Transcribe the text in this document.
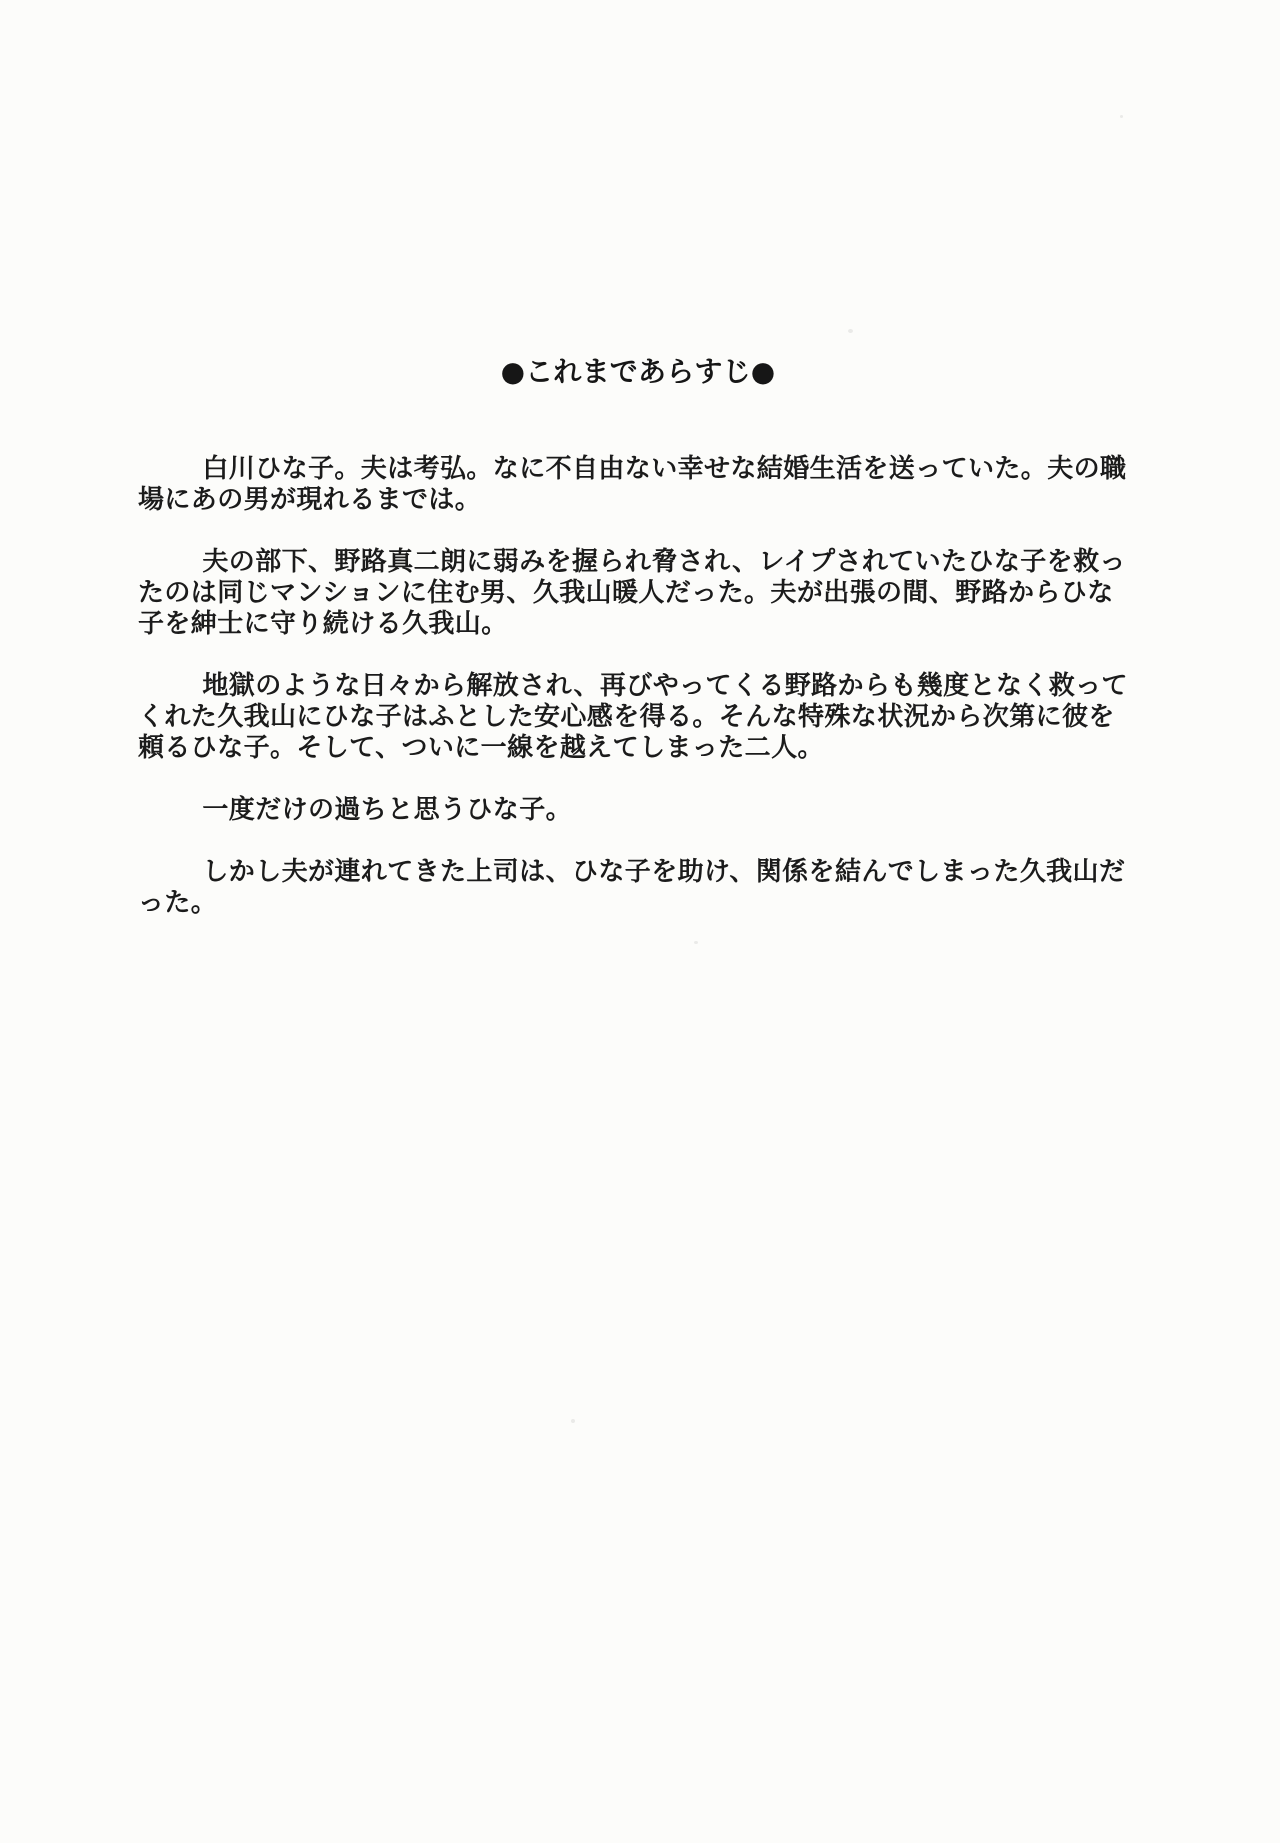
●これまであらすじ●

　白川ひな子。夫は考弘。なに不自由ない幸せな結婚生活を送っていた。夫の職場にあの男が現れるまでは。

　夫の部下、野路真二朗に弱みを握られ脅され、レイプされていたひな子を救ったのは同じマンションに住む男、久我山暖人だった。夫が出張の間、野路からひな子を紳士に守り続ける久我山。

　地獄のような日々から解放され、再びやってくる野路からも幾度となく救ってくれた久我山にひな子はふとした安心感を得る。そんな特殊な状況から次第に彼を頼るひな子。そして、ついに一線を越えてしまった二人。

　一度だけの過ちと思うひな子。

　しかし夫が連れてきた上司は、ひな子を助け、関係を結んでしまった久我山だった。
